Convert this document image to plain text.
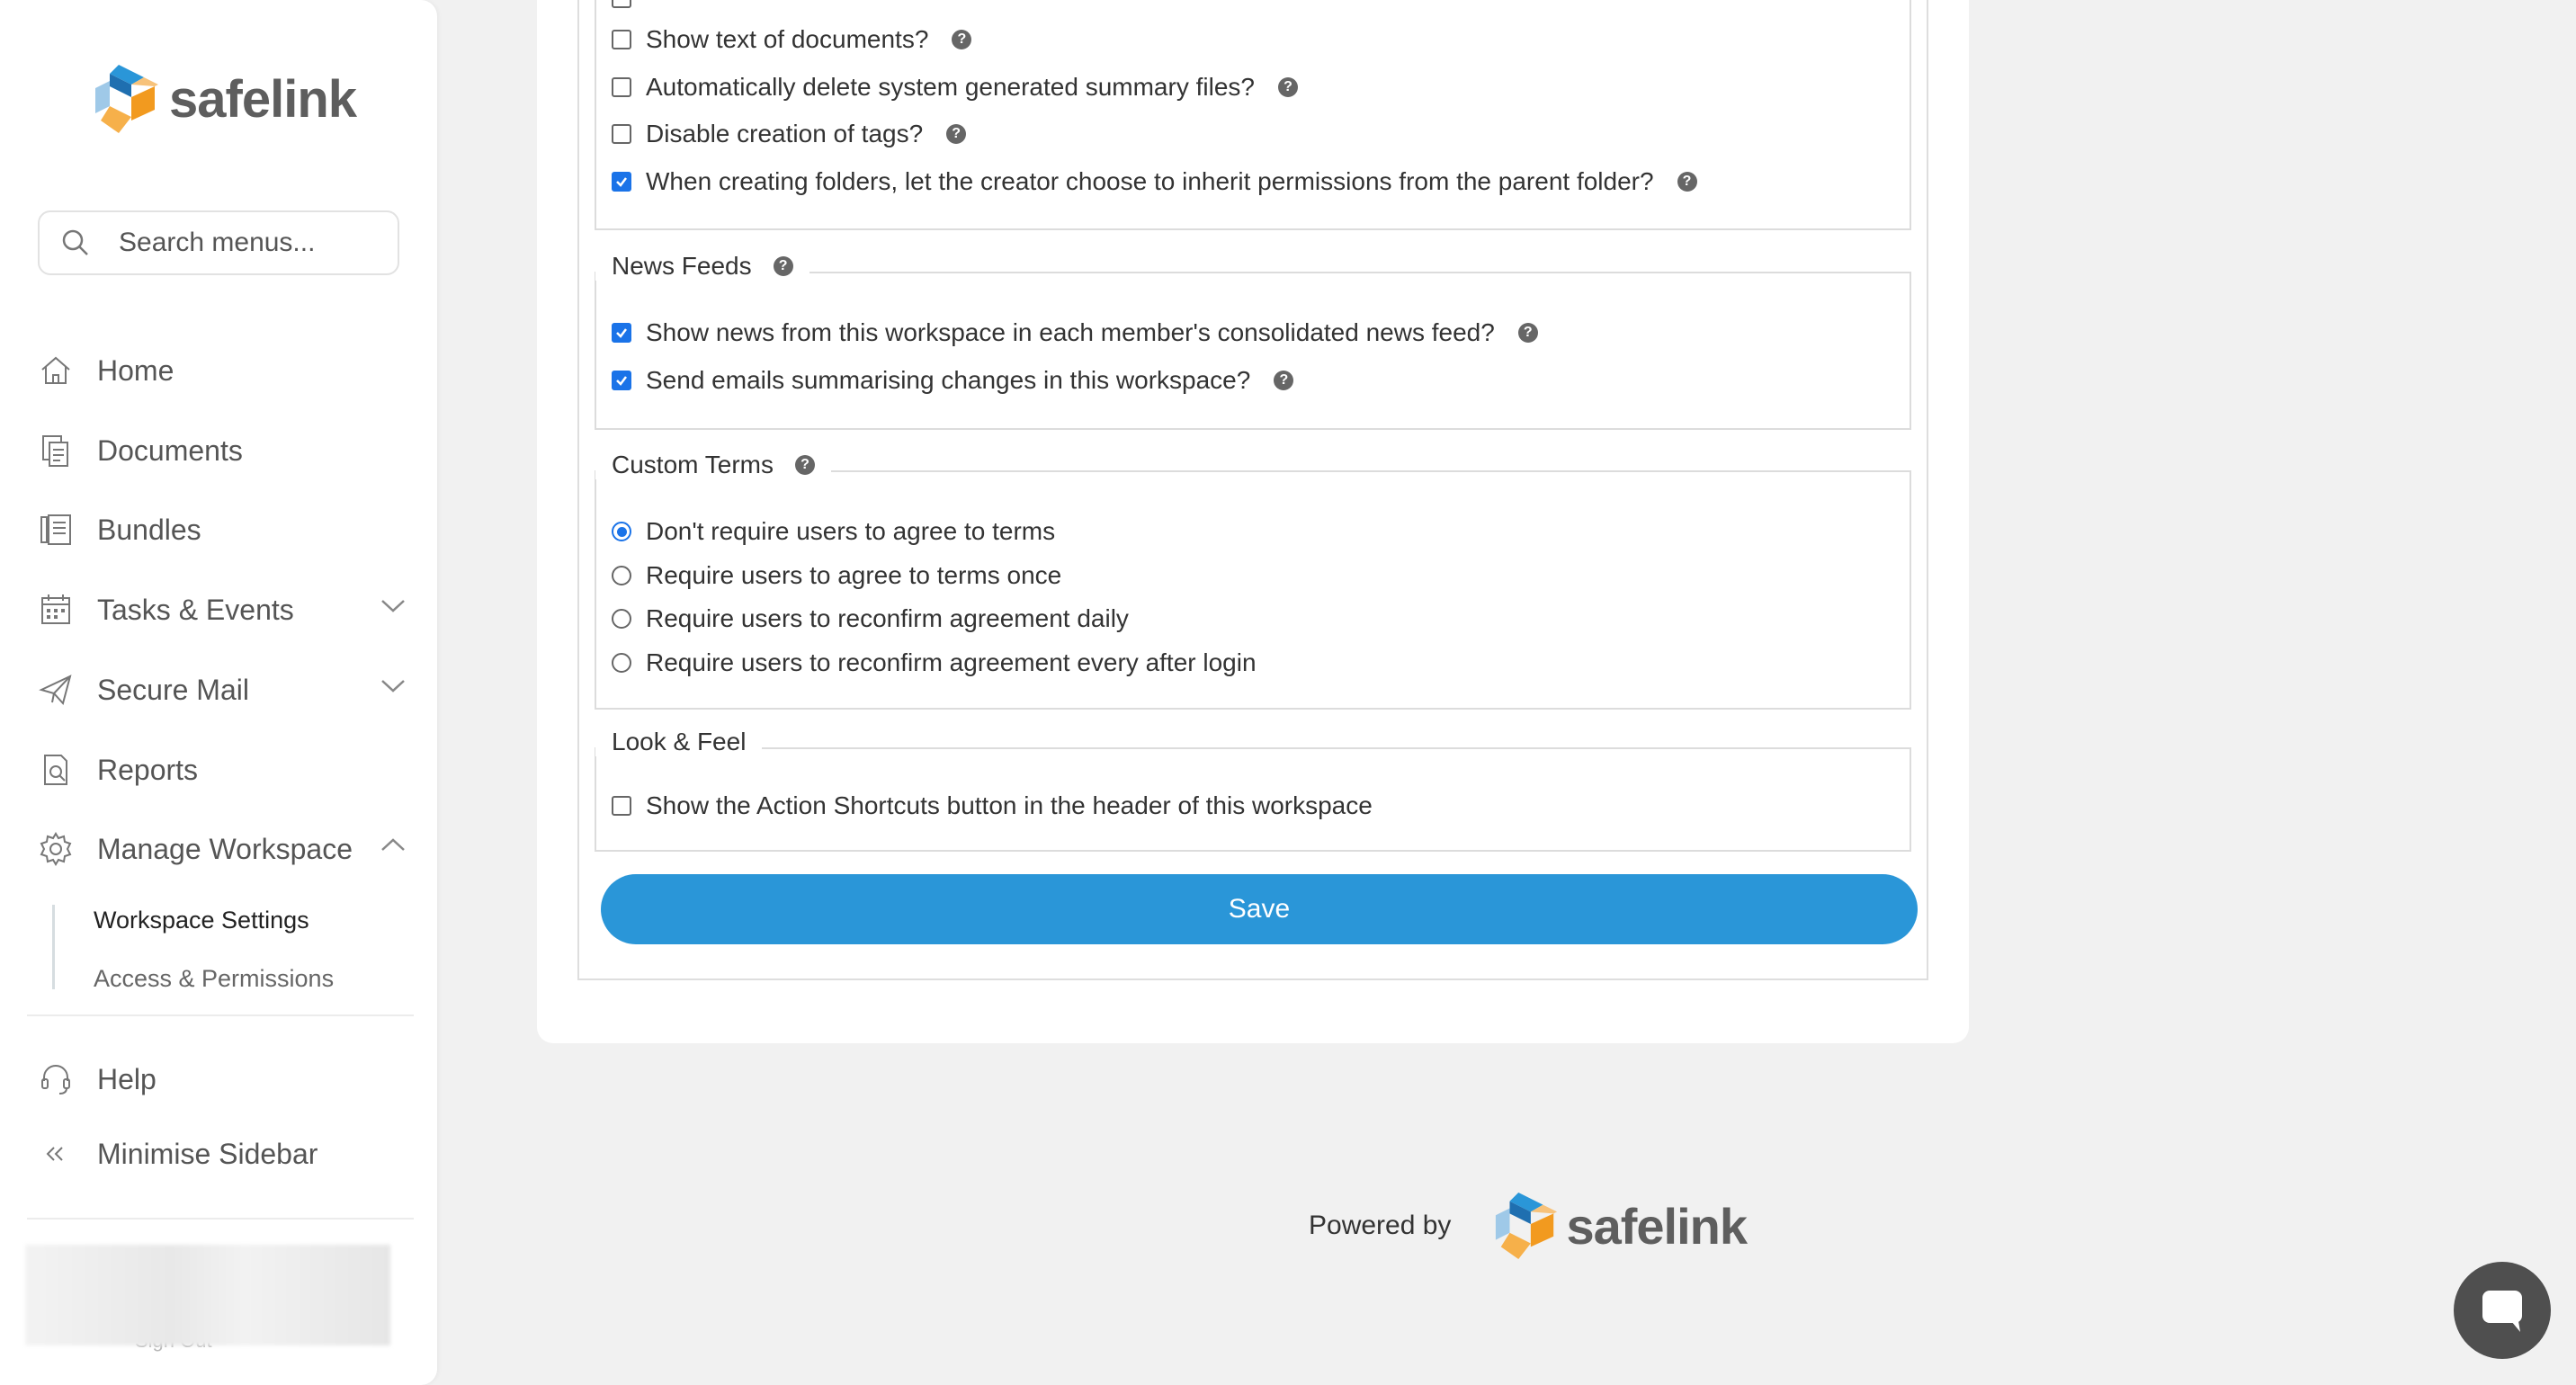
safelink
Search menus...
Home
Documents
Bundles
Tasks & Events
Secure Mail
Reports
Manage Workspace
Workspace Settings
Access & Permissions
Help
Minimise Sidebar
Show text of documents?	?
Automatically delete system generated summary files?	?
Disable creation of tags?	?
When creating folders, let the creator choose to inherit permissions from the parent folder?	?
News Feeds	?
Show news from this workspace in each member's consolidated news feed?	?
Send emails summarising changes in this workspace?	?
Custom Terms	?
Don't require users to agree to terms
Require users to agree to terms once
Require users to reconfirm agreement daily
Require users to reconfirm agreement every after login
Look & Feel
Show the Action Shortcuts button in the header of this workspace
Save
Powered by safelink
